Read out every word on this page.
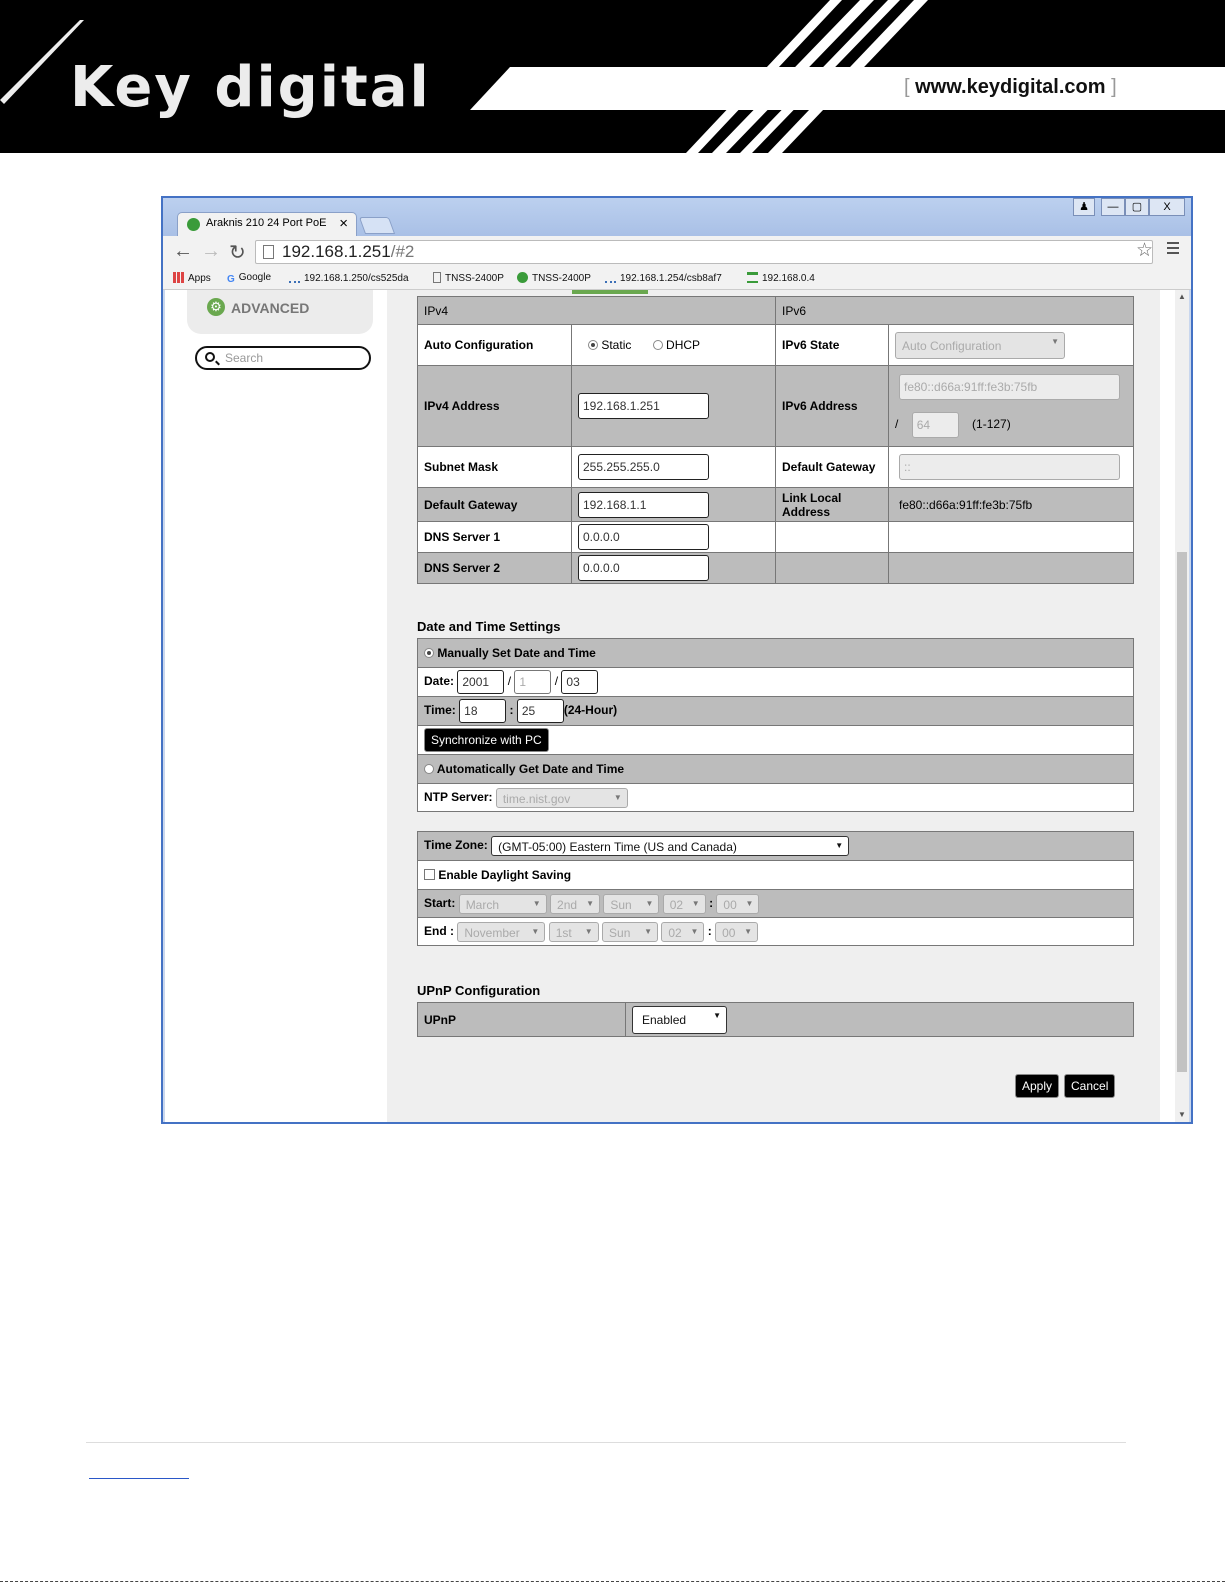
Key digital	[ www.keydigital.com ]
Araknis 210 24 Port PoE ×
♟	—	▢	X
← → ↻	192.168.1.251/#2	☆
Apps G Google	192.168.1.250/cs525da	TNSS-2400P	TNSS-2400P	192.168.1.254/csb8af7	192.168.0.4
⚙ ADVANCED
Search
IPv4		IPv6	
Auto Configuration	Static DHCP	IPv6 State	Auto Configuration ▼
IPv4 Address	192.168.1.251	IPv6 Address	fe80::d66a:91ff:fe3b:75fb
/ 64 (1-127)

Subnet Mask	255.255.255.0	Default Gateway	::
Default Gateway	192.168.1.1	Link Local Address	fe80::d66a:91ff:fe3b:75fb
DNS Server 1	0.0.0.0		
DNS Server 2	0.0.0.0		
Date and Time Settings
Manually Set Date and Time
Date: 2001 / 1 / 03
Time: 18	: 25 (24-Hour)
Synchronize with PC
Automatically Get Date and Time
NTP Server: time.nist.gov ▼
Time Zone: (GMT-05:00) Eastern Time (US and Canada) ▼
Enable Daylight Saving
Start: March ▼	2nd ▼	Sun ▼	02 ▼ : 00 ▼
End : November ▼	1st ▼	Sun ▼	02 ▼ : 00 ▼
UPnP Configuration
UPnP	Enabled ▼
Apply	Cancel
▲
▼
